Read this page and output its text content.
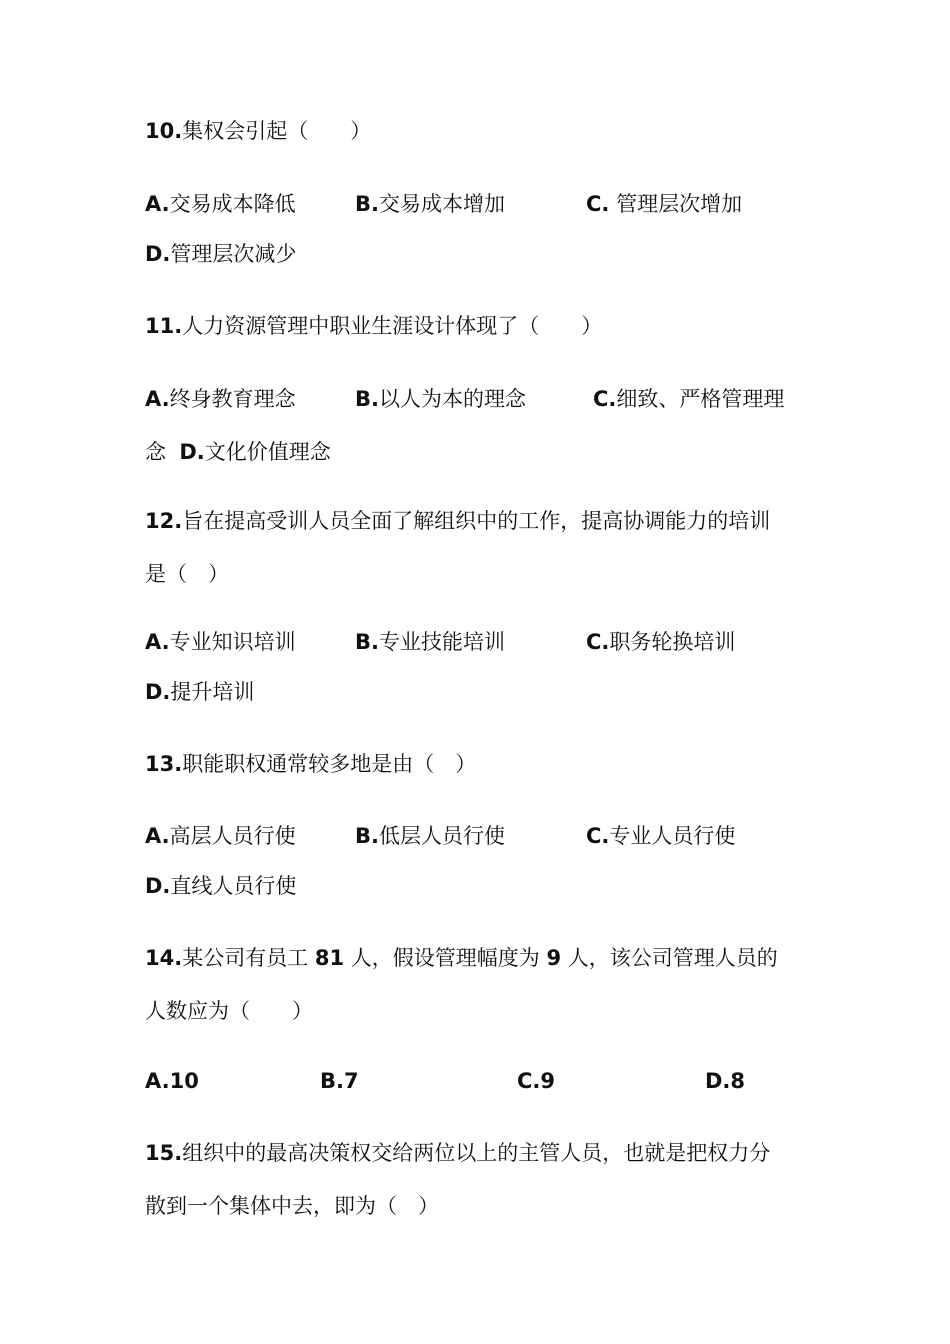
10.集权会引起（　　）
A.交易成本降低	B.交易成本增加	C. 管理层次增加
D.管理层次减少
11.人力资源管理中职业生涯设计体现了（　　）
A.终身教育理念	B.以人为本的理念	C.细致、严格管理理
念 D.文化价值理念
12.旨在提高受训人员全面了解组织中的工作，提高协调能力的培训
是（　）
A.专业知识培训	B.专业技能培训	C.职务轮换培训
D.提升培训
13.职能职权通常较多地是由（　）
A.高层人员行使	B.低层人员行使	C.专业人员行使
D.直线人员行使
14.某公司有员工 81 人，假设管理幅度为 9 人，该公司管理人员的
人数应为（　　）
A.10	B.7	C.9	D.8
15.组织中的最高决策权交给两位以上的主管人员，也就是把权力分
散到一个集体中去，即为（　）
